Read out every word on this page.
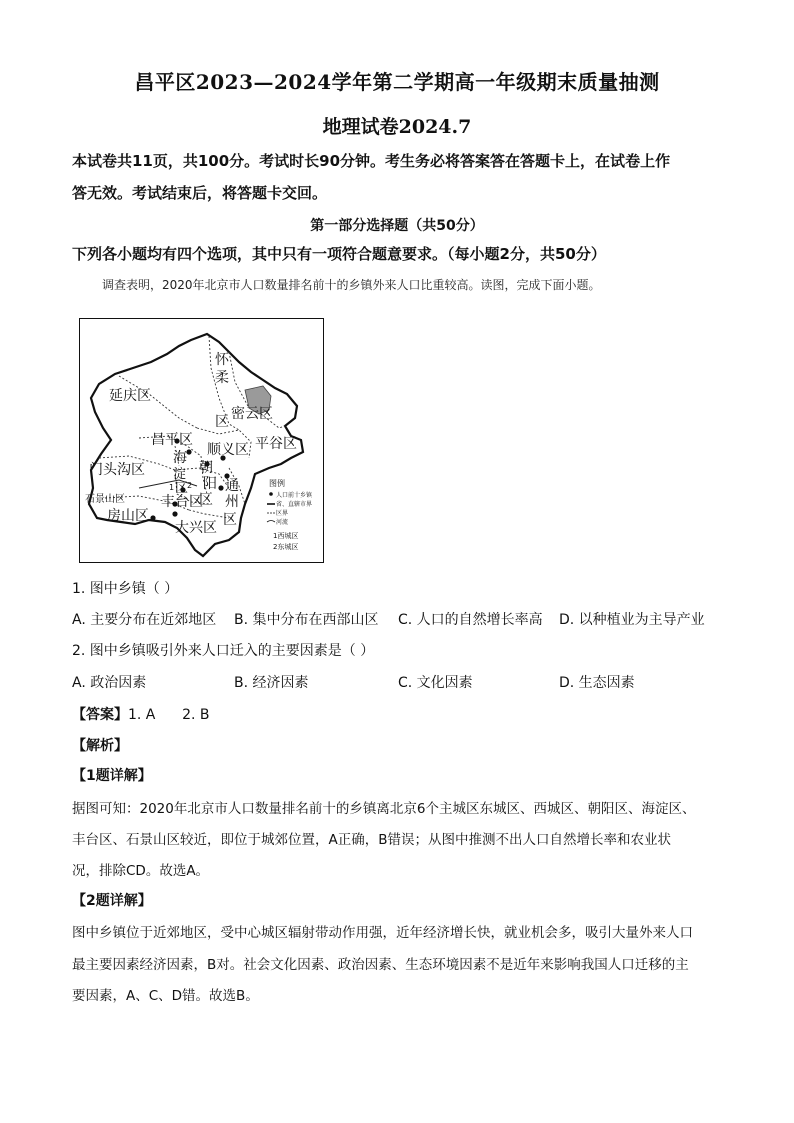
昌平区2023—2024学年第二学期高一年级期末质量抽测
地理试卷2024.7
本试卷共11页，共100分。考试时长90分钟。考生务必将答案答在答题卡上，在试卷上作
答无效。考试结束后，将答题卡交回。
第一部分选择题（共50分）
下列各小题均有四个选项，其中只有一项符合题意要求。（每小题2分，共50分）
调查表明，2020年北京市人口数量排名前十的乡镇外来人口比重较高。读图，完成下面小题。
怀
柔
区
延庆区
密云区
昌平区
顺义区 平谷区
门头沟区
海
淀
区
朝
阳
区
通
州
区
石景山区	丰台区
房山区
大兴区
1 2	图例
人口前十乡镇
省、直辖市界
区界
河流
1西城区
2东城区
1. 图中乡镇（ ）
A. 主要分布在近郊地区 B. 集中分布在西部山区 C. 人口的自然增长率高 D. 以种植业为主导产业
2. 图中乡镇吸引外来人口迁入的主要因素是（ ）
A. 政治因素	B. 经济因素	C. 文化因素	D. 生态因素
【答案】1. A      2. B
【解析】
【1题详解】
据图可知：2020年北京市人口数量排名前十的乡镇离北京6个主城区东城区、西城区、朝阳区、海淀区、
丰台区、石景山区较近，即位于城郊位置，A正确，B错误；从图中推测不出人口自然增长率和农业状
况，排除CD。故选A。
【2题详解】
图中乡镇位于近郊地区，受中心城区辐射带动作用强，近年经济增长快，就业机会多，吸引大量外来人口
最主要因素经济因素，B对。社会文化因素、政治因素、生态环境因素不是近年来影响我国人口迁移的主
要因素，A、C、D错。故选B。
